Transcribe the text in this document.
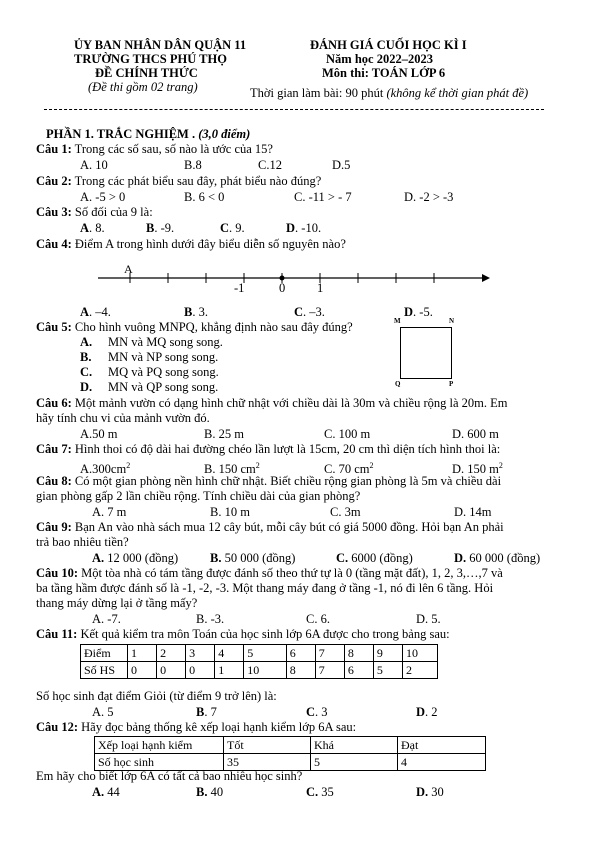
ỦY BAN NHÂN DÂN QUẬN 11
TRƯỜNG THCS PHÚ THỌ
ĐỀ CHÍNH THỨC
(Đề thi gồm 02 trang)
ĐÁNH GIÁ CUỐI HỌC KÌ I
Năm học 2022–2023
Môn thi: TOÁN LỚP 6
Thời gian làm bài: 90 phút (không kể thời gian phát đề)
PHẦN 1. TRẮC NGHIỆM . (3,0 điểm)
Câu 1: Trong các số sau, số nào là ước của 15?
A. 10	B.8	C.12	D.5
Câu 2: Trong các phát biểu sau đây, phát biểu nào đúng?
A. -5 > 0	B. 6 < 0	C. -11 > - 7	D. -2 > -3
Câu 3: Số đối của 9 là:
A. 8.	B. -9.	C. 9.	D. -10.
Câu 4: Điểm A trong hình dưới đây biểu diễn số nguyên nào?
A
-1	0	1
A. –4.	B. 3.	C. –3.	D. -5.
Câu 5: Cho hình vuông MNPQ, khẳng định nào sau đây đúng?
A. MN và MQ song song.
B. MN và NP song song.
C. MQ và PQ song song.
D. MN và QP song song.
M	N
P
Q
Câu 6: Một mảnh vườn có dạng hình chữ nhật với chiều dài là 30m và chiều rộng là 20m. Em
hãy tính chu vi của mảnh vườn đó.
A.50 m	B. 25 m	C. 100 m	D. 600 m
Câu 7: Hình thoi có độ dài hai đường chéo lần lượt là 15cm, 20 cm thì diện tích hình thoi là:
$A.300cm^2$	B. 150 $cm^2$	C. 70 $cm^2$	D. 150 $m^2$
Câu 8: Có một gian phòng nền hình chữ nhật. Biết chiều rộng gian phòng là 5m và chiều dài
gian phòng gấp 2 lần chiều rộng. Tính chiều dài của gian phòng?
A. 7 m	B. 10 m	C. 3m	D. 14m
Câu 9: Bạn An vào nhà sách mua 12 cây bút, mỗi cây bút có giá 5000 đồng. Hỏi bạn An phải
trả bao nhiêu tiền?
A. 12 000 (đồng)	B. 50 000 (đồng)	C. 6000 (đồng)	D. 60 000 (đồng)
Câu 10: Một tòa nhà có tám tầng được đánh số theo thứ tự là 0 (tầng mặt đất), 1, 2, 3,…,7 và
ba tầng hầm được đánh số là -1, -2, -3. Một thang máy đang ở tầng -1, nó đi lên 6 tầng. Hỏi
thang máy dừng lại ở tầng mấy?
A. -7.	B. -3.	C. 6.	D. 5.
Câu 11: Kết quả kiểm tra môn Toán của học sinh lớp 6A được cho trong bảng sau:
Điểm	1	2	3	4	5	6	7	8	9	10
Số HS	0	0	0	1	10	8	7	6	5	2
Số học sinh đạt điểm Giỏi (từ điểm 9 trở lên) là:
A. 5	B. 7	C. 3	D. 2
Câu 12: Hãy đọc bảng thống kê xếp loại hạnh kiểm lớp 6A sau:
Xếp loại hạnh kiểm	Tốt	Khá	Đạt
Số học sinh	35	5	4
Em hãy cho biết lớp 6A có tất cả bao nhiêu học sinh?
A. 44	B. 40	C. 35	D. 30
